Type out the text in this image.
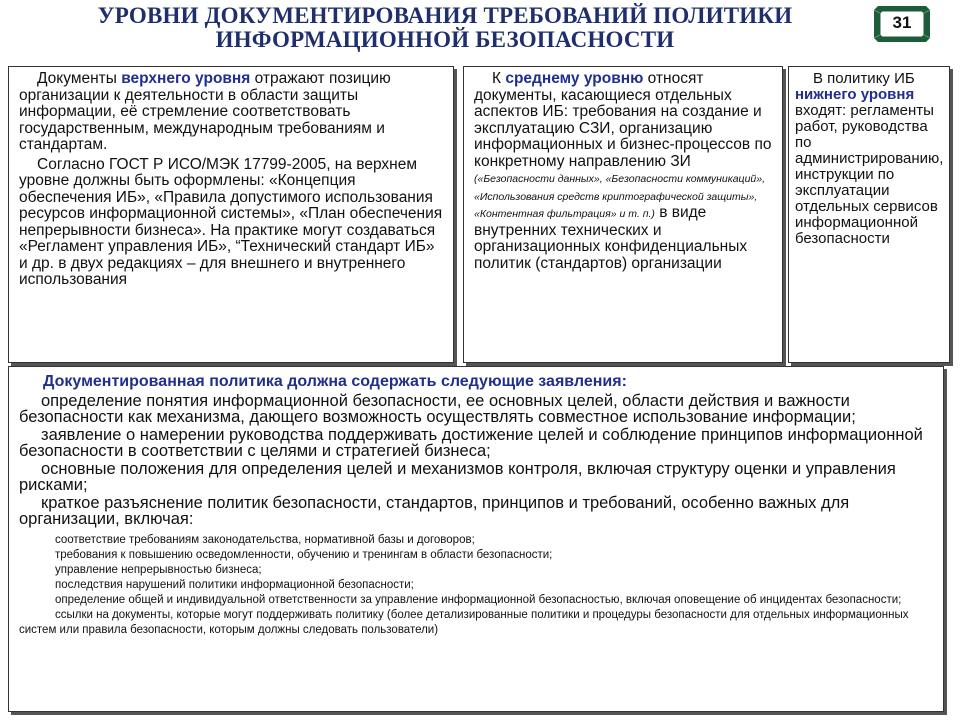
УРОВНИ ДОКУМЕНТИРОВАНИЯ ТРЕБОВАНИЙ ПОЛИТИКИ
ИНФОРМАЦИОННОЙ БЕЗОПАСНОСТИ
31

Документы верхнего уровня отражают позицию организации к деятельности в области защиты информации, её стремление соответствовать государственным, международным требованиям и стандартам.

Согласно ГОСТ Р ИСО/МЭК 17799-2005, на верхнем уровне должны быть оформлены: «Концепция обеспечения ИБ», «Правила допустимого использования ресурсов информационной системы», «План обеспечения непрерывности бизнеса». На практике могут создаваться «Регламент управления ИБ», “Технический стандарт ИБ» и др. в двух редакциях – для внешнего и внутреннего использования

К среднему уровню относят документы, касающиеся отдельных аспектов ИБ: требования на создание и эксплуатацию СЗИ, организацию информационных и бизнес-процессов по конкретному направлению ЗИ («Безопасности данных», «Безопасности коммуникаций», «Использования средств криптографической защиты», «Контентная фильтрация» и т. п.) в виде внутренних технических и организационных конфиденциальных политик (стандартов) организации

В политику ИБ нижнего уровня входят: регламенты работ, руководства по администрированию, инструкции по эксплуатации отдельных сервисов информационной безопасности

Документированная политика должна содержать следующие заявления:

определение понятия информационной безопасности, ее основных целей, области действия и важности безопасности как механизма, дающего возможность осуществлять совместное использование информации;

заявление о намерении руководства поддерживать достижение целей и соблюдение принципов информационной безопасности в соответствии с целями и стратегией бизнеса;

основные положения для определения целей и механизмов контроля, включая структуру оценки и управления рисками;

краткое разъяснение политик безопасности, стандартов, принципов и требований, особенно важных для организации, включая:

соответствие требованиям законодательства, нормативной базы и договоров;

требования к повышению осведомленности, обучению и тренингам в области безопасности;

управление непрерывностью бизнеса;

последствия нарушений политики информационной безопасности;

определение общей и индивидуальной ответственности за управление информационной безопасностью, включая оповещение об инцидентах безопасности;

ссылки на документы, которые могут поддерживать политику (более детализированные политики и процедуры безопасности для отдельных информационных систем или правила безопасности, которым должны следовать пользователи)
